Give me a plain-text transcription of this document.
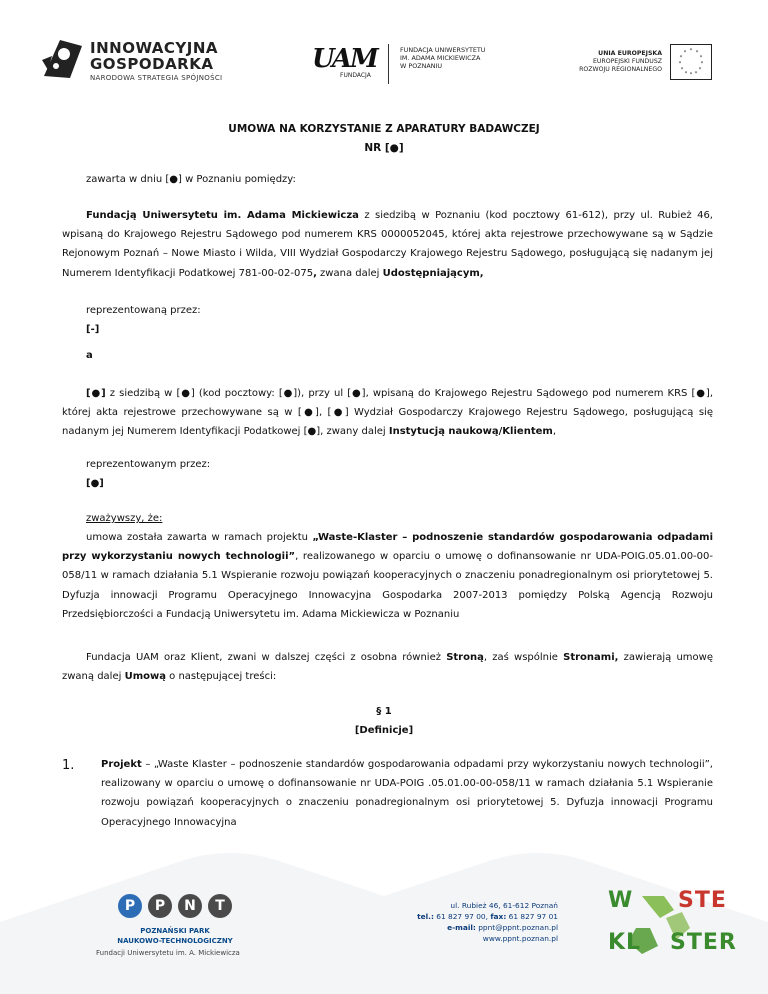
INNOWACYJNA
GOSPODARKA
NARODOWA STRATEGIA SPÓJNOŚCI
UAM
FUNDACJA
FUNDACJA UNIWERSYTETU
IM. ADAMA MICKIEWICZA
W POZNANIU
UNIA EUROPEJSKA
EUROPEJSKI FUNDUSZ
ROZWOJU REGIONALNEGO
* *
*
*
*
*
*
*
*
*
*
*
UMOWA NA KORZYSTANIE Z APARATURY BADAWCZEJ
NR [●]
zawarta w dniu [●] w Poznaniu pomiędzy:
Fundacją Uniwersytetu im. Adama Mickiewicza z siedzibą w Poznaniu (kod pocztowy 61-612), przy ul. Rubież 46, wpisaną do Krajowego Rejestru Sądowego pod numerem KRS 0000052045, której akta rejestrowe przechowywane są w Sądzie Rejonowym Poznań – Nowe Miasto i Wilda, VIII Wydział Gospodarczy Krajowego Rejestru Sądowego, posługującą się nadanym jej Numerem Identyfikacji Podatkowej 781-00-02-075, zwana dalej Udostępniającym,
reprezentowaną przez:
[-]
a
[●] z siedzibą w [●] (kod pocztowy: [●]), przy ul [●], wpisaną do Krajowego Rejestru Sądowego pod numerem KRS [●], której akta rejestrowe przechowywane są w [●], [●] Wydział Gospodarczy Krajowego Rejestru Sądowego, posługującą się nadanym jej Numerem Identyfikacji Podatkowej [●], zwany dalej Instytucją naukową/Klientem,
reprezentowanym przez:
[●]
zważywszy, że:
umowa została zawarta w ramach projektu „Waste-Klaster – podnoszenie standardów gospodarowania odpadami przy wykorzystaniu nowych technologii”, realizowanego w oparciu o umowę o dofinansowanie nr UDA-POIG.05.01.00-00-058/11 w ramach działania 5.1 Wspieranie rozwoju powiązań kooperacyjnych o znaczeniu ponadregionalnym osi priorytetowej 5. Dyfuzja innowacji Programu Operacyjnego Innowacyjna Gospodarka 2007-2013 pomiędzy Polską Agencją Rozwoju Przedsiębiorczości a Fundacją Uniwersytetu im. Adama Mickiewicza w Poznaniu
Fundacja UAM oraz Klient, zwani w dalszej części z osobna również Stroną, zaś wspólnie Stronami, zawierają umowę zwaną dalej Umową o następującej treści:
§ 1
[Definicje]
1.	Projekt – „Waste Klaster – podnoszenie standardów gospodarowania odpadami przy wykorzystaniu nowych technologii”, realizowany w oparciu o umowę o dofinansowanie nr UDA-POIG .05.01.00-00-058/11 w ramach działania 5.1 Wspieranie rozwoju powiązań kooperacyjnych o znaczeniu ponadregionalnym osi priorytetowej 5. Dyfuzja innowacji Programu Operacyjnego Innowacyjna
P	P	N	T
POZNAŃSKI PARK
NAUKOWO-TECHNOLOGICZNY
Fundacji Uniwersytetu im. A. Mickiewicza
ul. Rubież 46, 61-612 Poznań
tel.: 61 827 97 00, fax: 61 827 97 01
e-mail: ppnt@ppnt.poznan.pl
www.ppnt.poznan.pl
W STE
KL STER
